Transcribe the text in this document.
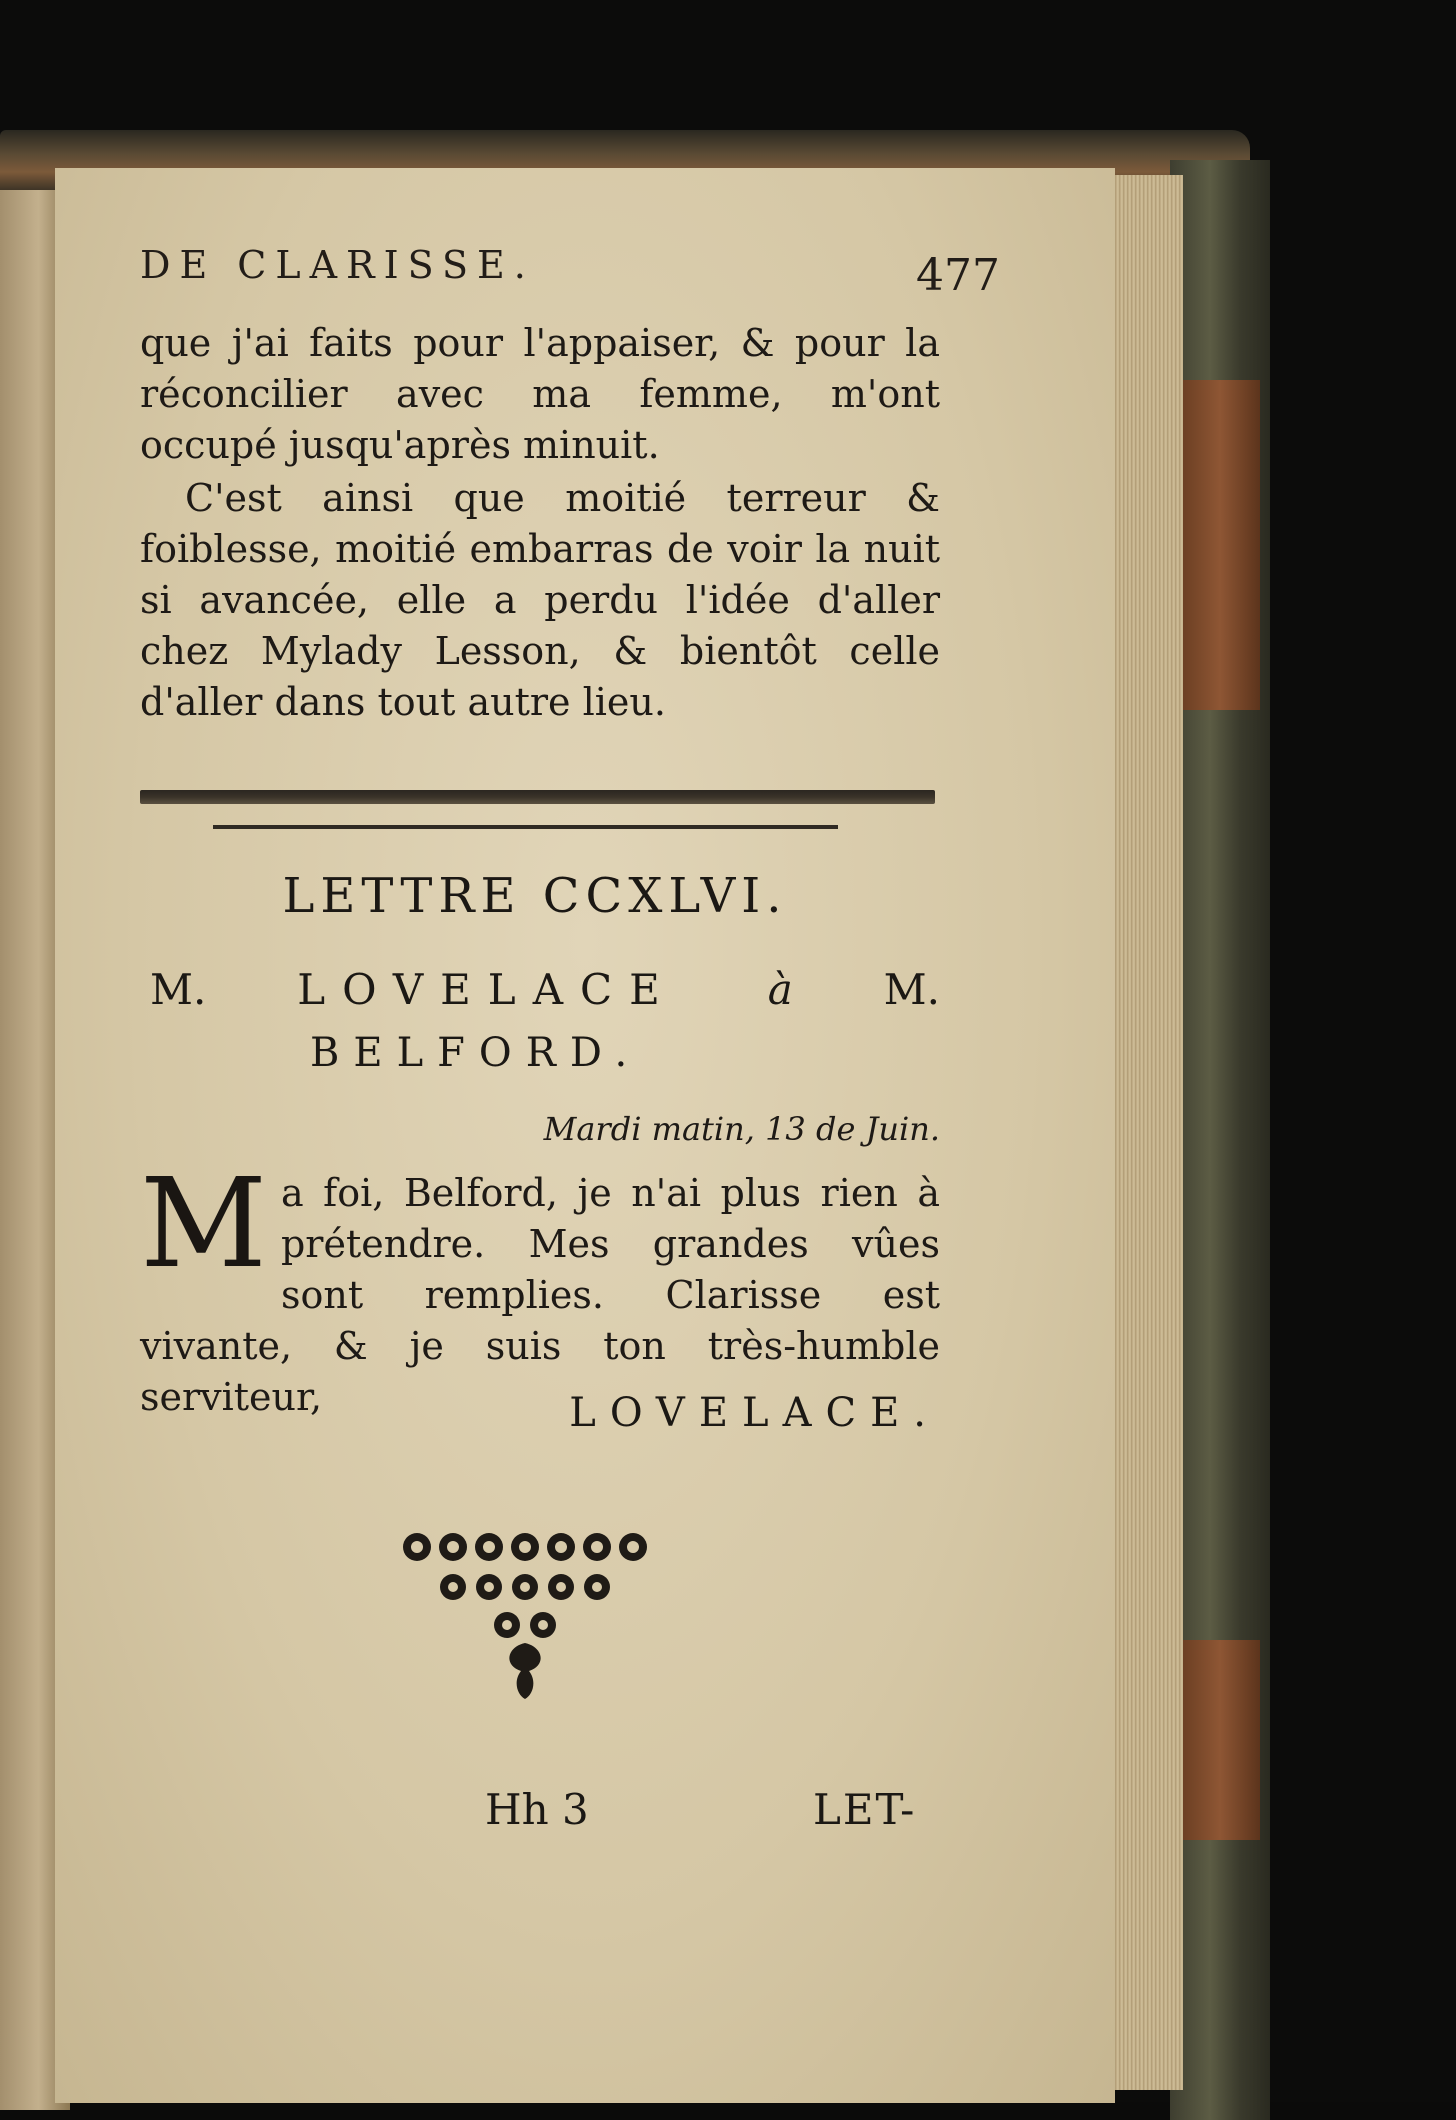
DE CLARISSE.	477
que j'ai faits pour l'appaiser, & pour la réconcilier avec ma femme, m'ont occupé jusqu'après minuit.
C'est ainsi que moitié terreur & foiblesse, moitié embarras de voir la nuit si avancée, elle a perdu l'idée d'aller chez Mylady Lesson, & bientôt celle d'aller dans tout autre lieu.
LETTRE CCXLVI.
M. LOVELACE à M.
BELFORD.
Mardi matin, 13 de Juin.
M a foi, Belford, je n'ai plus rien à prétendre. Mes grandes vûes sont remplies. Clarisse est vivante, & je suis ton très-humble serviteur,	LOVELACE.
Hh 3	LET-
